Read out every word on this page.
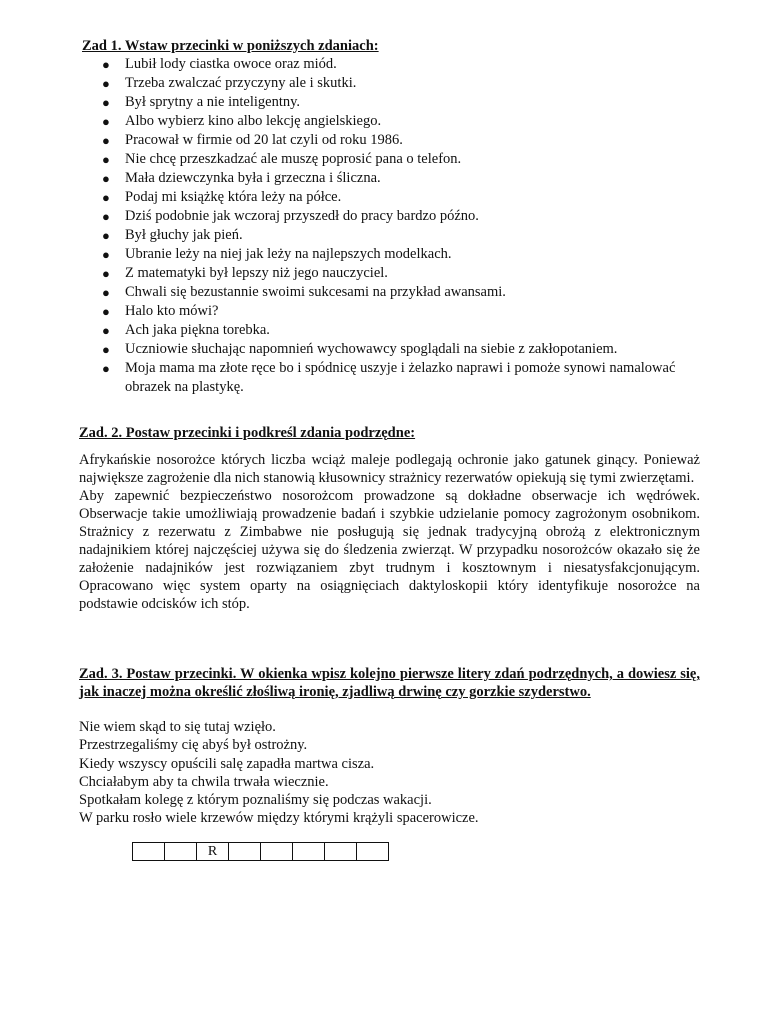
Zad 1. Wstaw przecinki w poniższych zdaniach:
● Lubił lody ciastka owoce oraz miód.
● Trzeba zwalczać przyczyny ale i skutki.
● Był sprytny a nie inteligentny.
● Albo wybierz kino albo lekcję angielskiego.
● Pracował w firmie od 20 lat czyli od roku 1986.
● Nie chcę przeszkadzać ale muszę poprosić pana o telefon.
● Mała dziewczynka była i grzeczna i śliczna.
● Podaj mi książkę która leży na półce.
● Dziś podobnie jak wczoraj przyszedł do pracy bardzo późno.
● Był głuchy jak pień.
● Ubranie leży na niej jak leży na najlepszych modelkach.
● Z matematyki był lepszy niż jego nauczyciel.
● Chwali się bezustannie swoimi sukcesami na przykład awansami.
● Halo kto mówi?
● Ach jaka piękna torebka.
● Uczniowie słuchając napomnień wychowawcy spoglądali na siebie z zakłopotaniem.
● Moja mama ma złote ręce bo i spódnicę uszyje i żelazko naprawi i pomoże synowi namalować obrazek na plastykę.
Zad. 2. Postaw przecinki i podkreśl zdania podrzędne:

Afrykańskie nosorożce których liczba wciąż maleje podlegają ochronie jako gatunek ginący. Ponieważ największe zagrożenie dla nich stanowią kłusownicy strażnicy rezerwatów opiekują się tymi zwierzętami.

Aby zapewnić bezpieczeństwo nosorożcom prowadzone są dokładne obserwacje ich wędrówek. Obserwacje takie umożliwiają prowadzenie badań i szybkie udzielanie pomocy zagrożonym osobnikom. Strażnicy z rezerwatu z Zimbabwe nie posługują się jednak tradycyjną obrożą z elektronicznym nadajnikiem której najczęściej używa się do śledzenia zwierząt. W przypadku nosorożców okazało się że założenie nadajników jest rozwiązaniem zbyt trudnym i kosztownym i niesatysfakcjonującym. Opracowano więc system oparty na osiągnięciach daktyloskopii który identyfikuje nosorożce na podstawie odcisków ich stóp.

Zad. 3. Postaw przecinki. W okienka wpisz kolejno pierwsze litery zdań podrzędnych, a dowiesz się, jak inaczej można określić złośliwą ironię, zjadliwą drwinę czy gorzkie szyderstwo.

Nie wiem skąd to się tutaj wzięło.
Przestrzegaliśmy cię abyś był ostrożny.
Kiedy wszyscy opuścili salę zapadła martwa cisza.
Chciałabym aby ta chwila trwała wiecznie.
Spotkałam kolegę z którym poznaliśmy się podczas wakacji.
W parku rosło wiele krzewów między którymi krążyli spacerowicze.
		R					
